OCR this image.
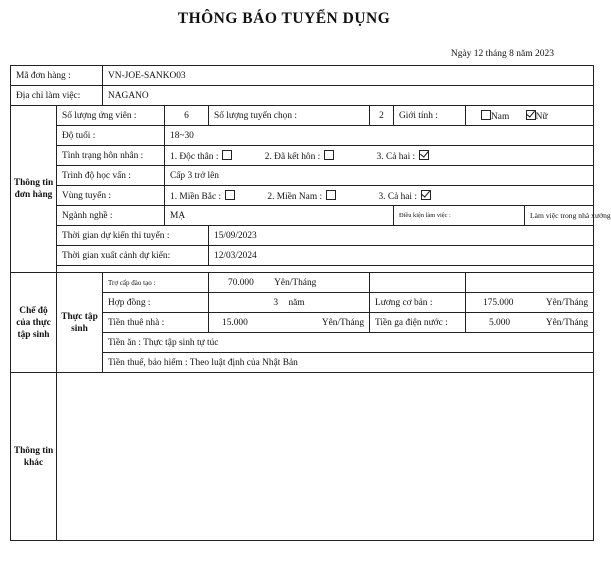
THÔNG BÁO TUYỂN DỤNG
Ngày 12 tháng 8 năm 2023
Mã đơn hàng :		VN-JOE-SANKO03						
Địa chỉ làm việc:		NAGANO						
Thông tin đơn hàng	Số lượng ứng viên :		6	Số lượng tuyển chọn :	2	Giới tính :	Nam Nữ	
	Độ tuổi :		18~30					
	Tình trạng hôn nhân :		1. Độc thân : 2. Đã kết hôn : 3. Cả hai :					
	Trình độ học vấn :		Cấp 3 trở lên					
	Vùng tuyển :		1. Miền Bắc : 2. Miền Nam : 3. Cả hai :					
	Ngành nghề :		MẠ			Điều kiện làm việc :		Làm việc trong nhà xưởng
	Thời gian dự kiến thi tuyển :			15/09/2023				
	Thời gian xuất cảnh dự kiến:			12/03/2024				

Chế độ của thực tập sinh	Thực tập sinh	Trợ cấp đào tạo :		70.000 Yên/Tháng				
		Hợp đồng :		3 năm	Lương cơ bản :		175.000 Yên/Tháng	

		Tiền thuê nhà :		15.000 Yên/Tháng	Tiền ga điện nước :		5.000 Yên/Tháng	

		Tiền ăn : Thực tập sinh tự túc						
		Tiền thuế, bảo hiểm : Theo luật định của Nhật Bản						
Thông tin khác								
